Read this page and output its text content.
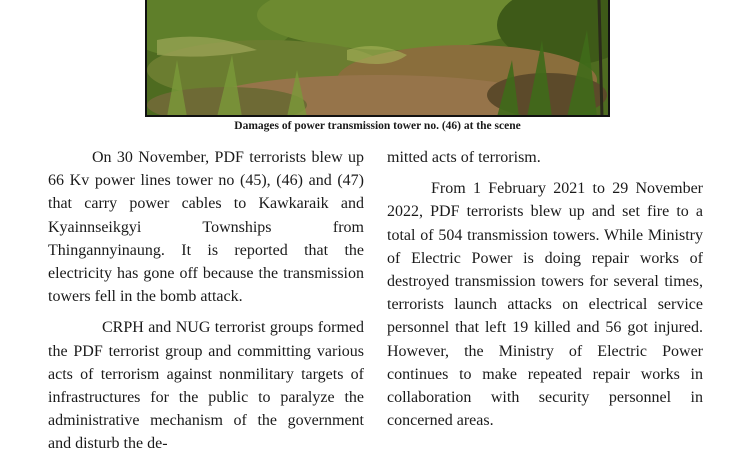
Damages of power transmission tower no. (46) at the scene

On 30 November, PDF terrorists blew up 66 Kv power lines tower no (45), (46) and (47) that carry power cables to Kawkaraik and Kyainnseikgyi Townships from Thingannyinaung. It is reported that the electricity has gone off because the transmission towers fell in the bomb attack.

CRPH and NUG terrorist groups formed the PDF terrorist group and committing various acts of terrorism against nonmilitary targets of infrastructures for the public to paralyze the administrative mechanism of the government and disturb the de-

mitted acts of terrorism.

From 1 February 2021 to 29 November 2022, PDF terrorists blew up and set fire to a total of 504 transmission towers. While Ministry of Electric Power is doing repair works of destroyed transmission towers for several times, terrorists launch attacks on electrical service personnel that left 19 killed and 56 got injured. However, the Ministry of Electric Power continues to make repeated repair works in collaboration with security personnel in concerned areas.
